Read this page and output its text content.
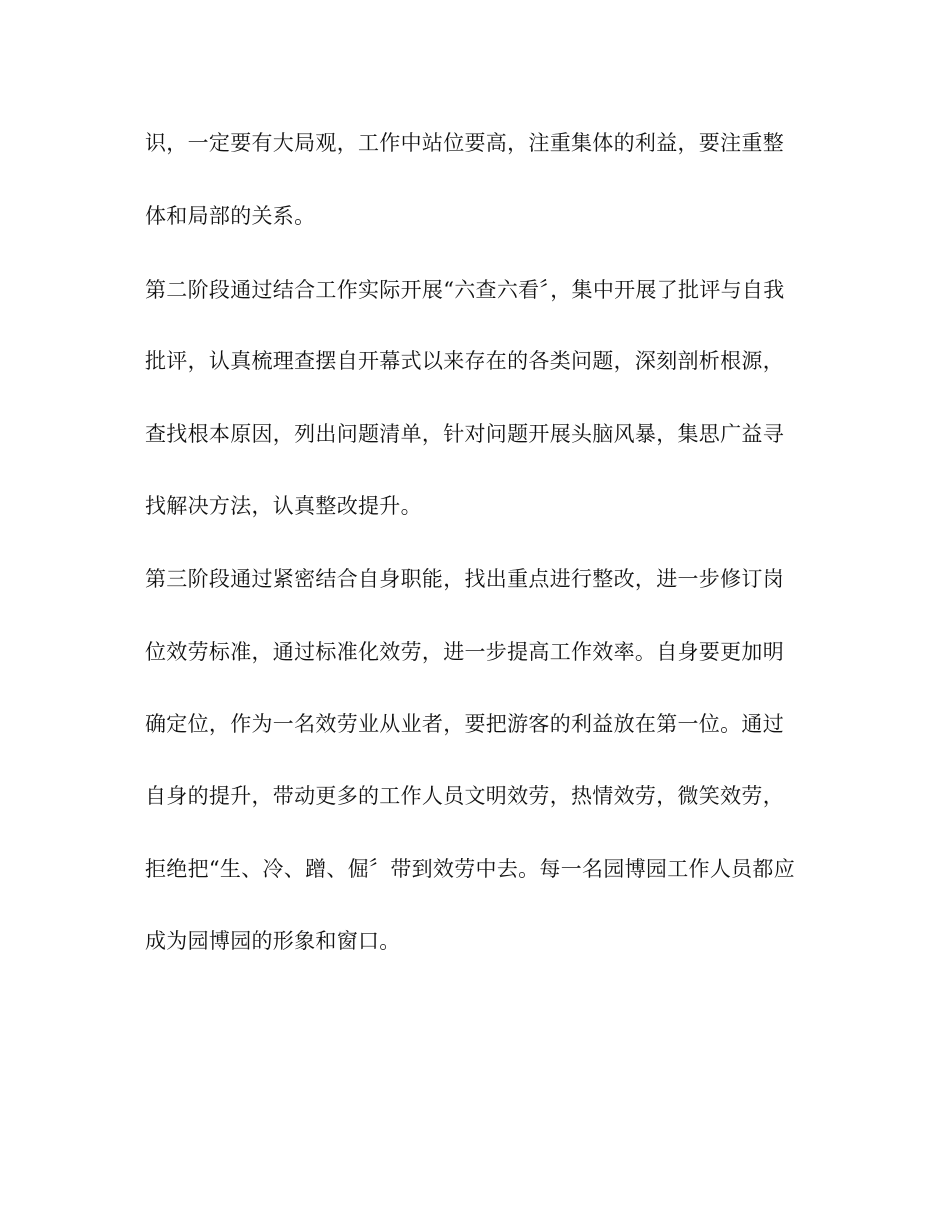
识，一定要有大局观，工作中站位要高，注重集体的利益，要注重整
体和局部的关系。
第二阶段通过结合工作实际开展“六查六看〞，集中开展了批评与自我
批评，认真梳理查摆自开幕式以来存在的各类问题，深刻剖析根源，
查找根本原因，列出问题清单，针对问题开展头脑风暴，集思广益寻
找解决方法，认真整改提升。
第三阶段通过紧密结合自身职能，找出重点进行整改，进一步修订岗
位效劳标准，通过标准化效劳，进一步提高工作效率。自身要更加明
确定位，作为一名效劳业从业者，要把游客的利益放在第一位。通过
自身的提升，带动更多的工作人员文明效劳，热情效劳，微笑效劳，
拒绝把“生、冷、蹭、倔〞带到效劳中去。每一名园博园工作人员都应
成为园博园的形象和窗口。
